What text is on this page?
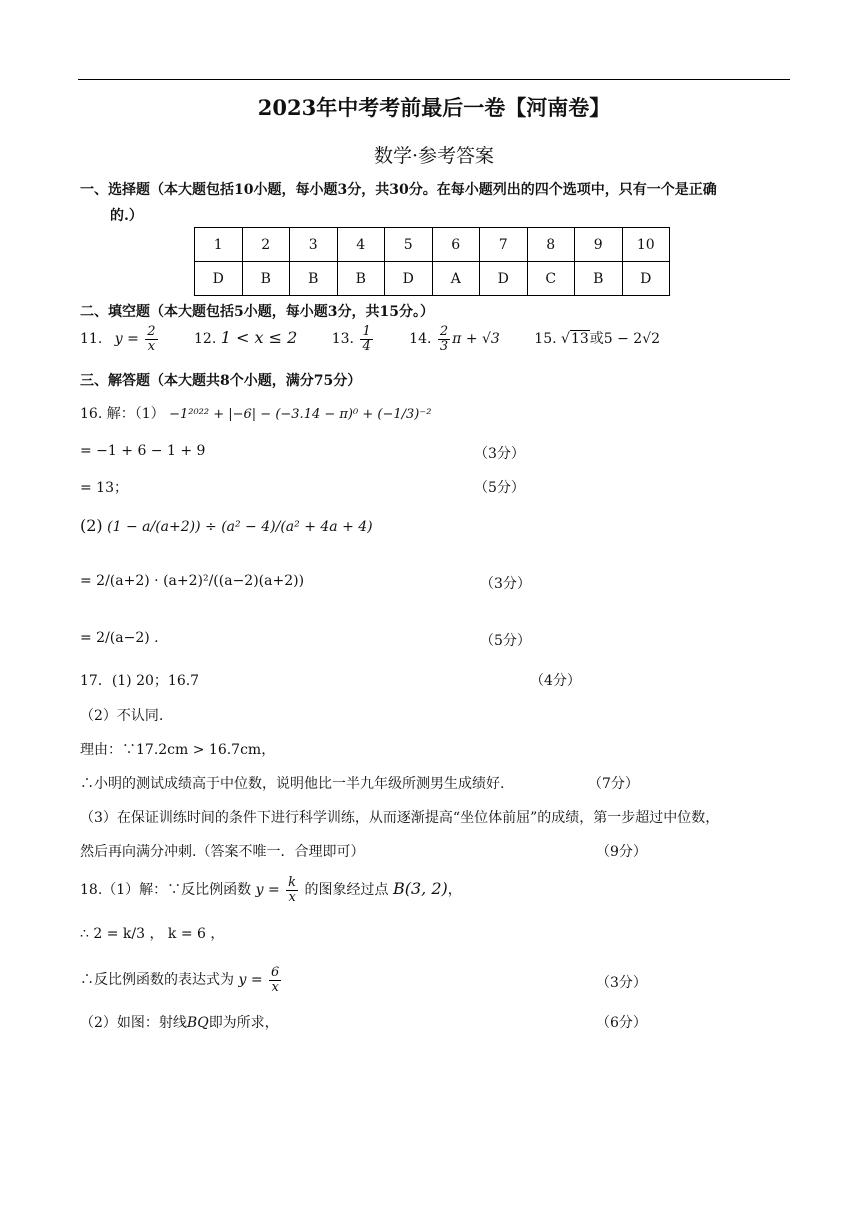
2023年中考考前最后一卷【河南卷】
数学·参考答案
一、选择题（本大题包括10小题，每小题3分，共30分。在每小题列出的四个选项中，只有一个是正确
的.）
1	2	3	4	5	6	7	8	9	10
D	B	B	B	D	A	D	C	B	D
二、填空题（本大题包括5小题，每小题3分，共15分。）
11. $y = \frac{2}{x}$	12. 1 < x ≤ 2 13. $\frac{1}{4}$	14. $\frac{2}{3}$ π + √3 15. √13或5 − 2√2
三、解答题（本大题共8个小题，满分75分）
16. 解：（1） −1²⁰²² + |−6| − (−3.14 − π)⁰ + (−1/3)⁻²
= −1 + 6 − 1 + 9	（3分）
= 13；	（5分）
(2) (1 − a/(a+2)) ÷ (a² − 4)/(a² + 4a + 4)
= 2/(a+2) · (a+2)²/((a−2)(a+2))	（3分）
= 2/(a−2) .	（5分）
17．(1) 20；16.7	（4分）
（2）不认同.
理由：∵17.2cm > 16.7cm，
∴小明的测试成绩高于中位数，说明他比一半九年级所测男生成绩好.	（7分）
（3）在保证训练时间的条件下进行科学训练，从而逐渐提高“坐位体前屈”的成绩，第一步超过中位数，
然后再向满分冲刺.（答案不唯一．合理即可）	（9分）
18.（1）解：∵反比例函数 $y = \frac{k}{x}$ 的图象经过点 B(3, 2)，
∴ 2 = k/3 ， k = 6 ，
∴反比例函数的表达式为 $y = \frac{6}{x}$	（3分）
（2）如图：射线BQ即为所求，	（6分）
